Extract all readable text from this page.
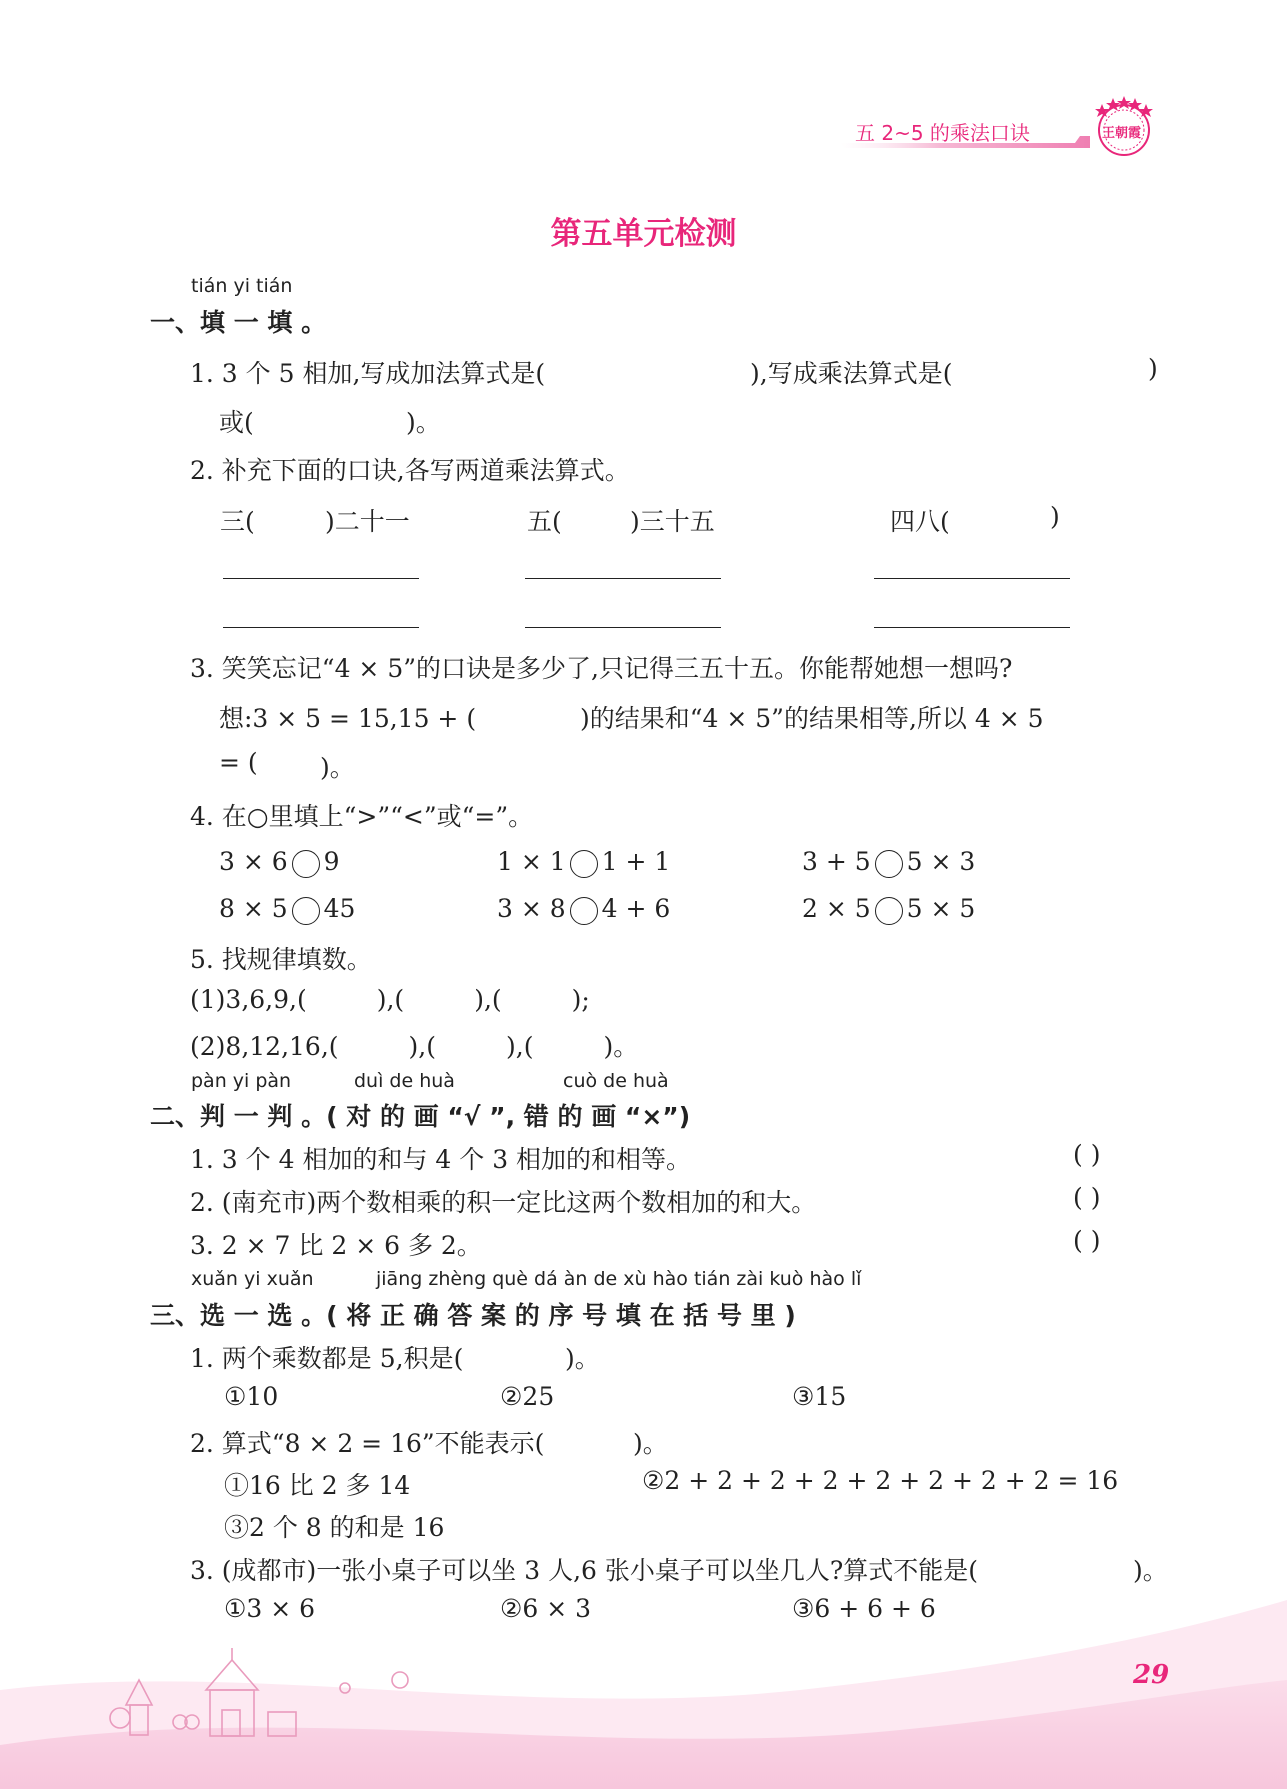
五 2~5 的乘法口诀	王朝霞
第五单元检测
tián yi tián
一、填 一 填 。
1. 3 个 5 相加,写成加法算式是(	),写成乘法算式是(	)
或(	)。
2. 补充下面的口诀,各写两道乘法算式。
三(	)二十一	五(	)三十五	四八(	)
3. 笑笑忘记“4 × 5”的口诀是多少了,只记得三五十五。你能帮她想一想吗?
想:3 × 5 = 15,15 + (	)的结果和“4 × 5”的结果相等,所以 4 × 5
= ( )。
4. 在○里填上“>”“<”或“=”。
3 × 6 9	1 × 1 1 + 1	3 + 5 5 × 3
8 × 5 45	3 × 8 4 + 6	2 × 5 5 × 5
5. 找规律填数。
(1)3,6,9,(	),(	),(	);
(2)8,12,16,(	),(	),(	)。
pàn yi pàn	duì de huà	cuò de huà
二、判 一 判 。( 对 的 画 “√ ”, 错 的 画 “×”)
1. 3 个 4 相加的和与 4 个 3 相加的和相等。	( )
2. (南充市)两个数相乘的积一定比这两个数相加的和大。	( )
3. 2 × 7 比 2 × 6 多 2。	( )
xuǎn yi xuǎn	jiāng zhèng què dá àn de xù hào tián zài kuò hào lǐ
三、选 一 选 。( 将 正 确 答 案 的 序 号 填 在 括 号 里 )
1. 两个乘数都是 5,积是(	)。
①10	②25	③15
2. 算式“8 × 2 = 16”不能表示(	)。
①16 比 2 多 14	②2 + 2 + 2 + 2 + 2 + 2 + 2 + 2 = 16
③2 个 8 的和是 16
3. (成都市)一张小桌子可以坐 3 人,6 张小桌子可以坐几人?算式不能是(	)。
①3 × 6	②6 × 3	③6 + 6 + 6
29
